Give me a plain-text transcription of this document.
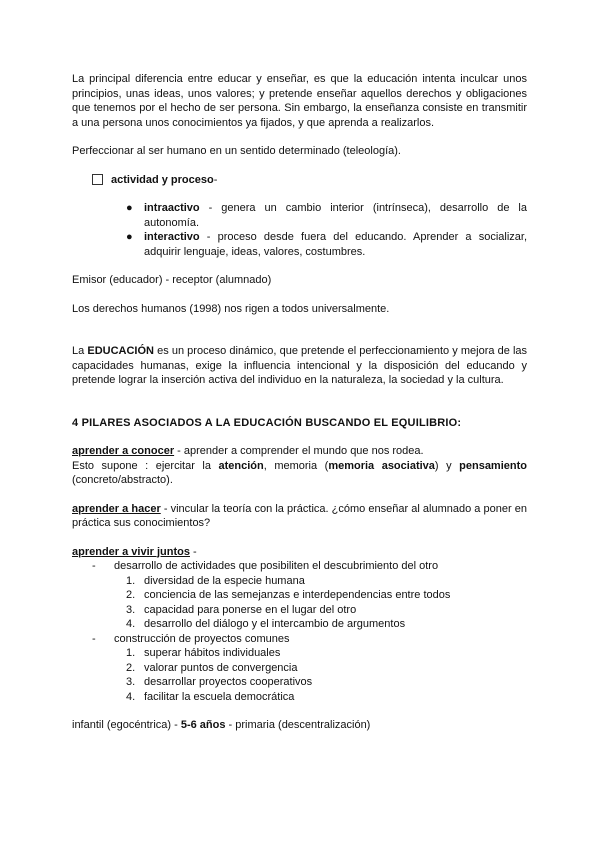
La principal diferencia entre educar y enseñar, es que la educación intenta inculcar unos principios, unas ideas, unos valores; y pretende enseñar aquellos derechos y obligaciones que tenemos por el hecho de ser persona. Sin embargo, la enseñanza consiste en transmitir a una persona unos conocimientos ya fijados, y que aprenda a realizarlos.

Perfeccionar al ser humano en un sentido determinado (teleología).

actividad y proceso -
● intraactivo - genera un cambio interior (intrínseca), desarrollo de la autonomía.
● interactivo - proceso desde fuera del educando. Aprender a socializar, adquirir lenguaje, ideas, valores, costumbres.

Emisor (educador) - receptor (alumnado)

Los derechos humanos (1998) nos rigen a todos universalmente.

La EDUCACIÓN es un proceso dinámico, que pretende el perfeccionamiento y mejora de las capacidades humanas, exige la influencia intencional y la disposición del educando y pretende lograr la inserción activa del individuo en la naturaleza, la sociedad y la cultura.

4 PILARES ASOCIADOS A LA EDUCACIÓN BUSCANDO EL EQUILIBRIO:

aprender a conocer - aprender a comprender el mundo que nos rodea.

Esto supone : ejercitar la atención, memoria (memoria asociativa) y pensamiento (concreto/abstracto).

aprender a hacer - vincular la teoría con la práctica. ¿cómo enseñar al alumnado a poner en práctica sus conocimientos?

aprender a vivir juntos -

-	desarrollo de actividades que posibiliten el descubrimiento del otro
1. diversidad de la especie humana
2. conciencia de las semejanzas e interdependencias entre todos
3. capacidad para ponerse en el lugar del otro
4. desarrollo del diálogo y el intercambio de argumentos
-	construcción de proyectos comunes
1. superar hábitos individuales
2. valorar puntos de convergencia
3. desarrollar proyectos cooperativos
4. facilitar la escuela democrática

infantil (egocéntrica) - 5-6 años - primaria (descentralización)
